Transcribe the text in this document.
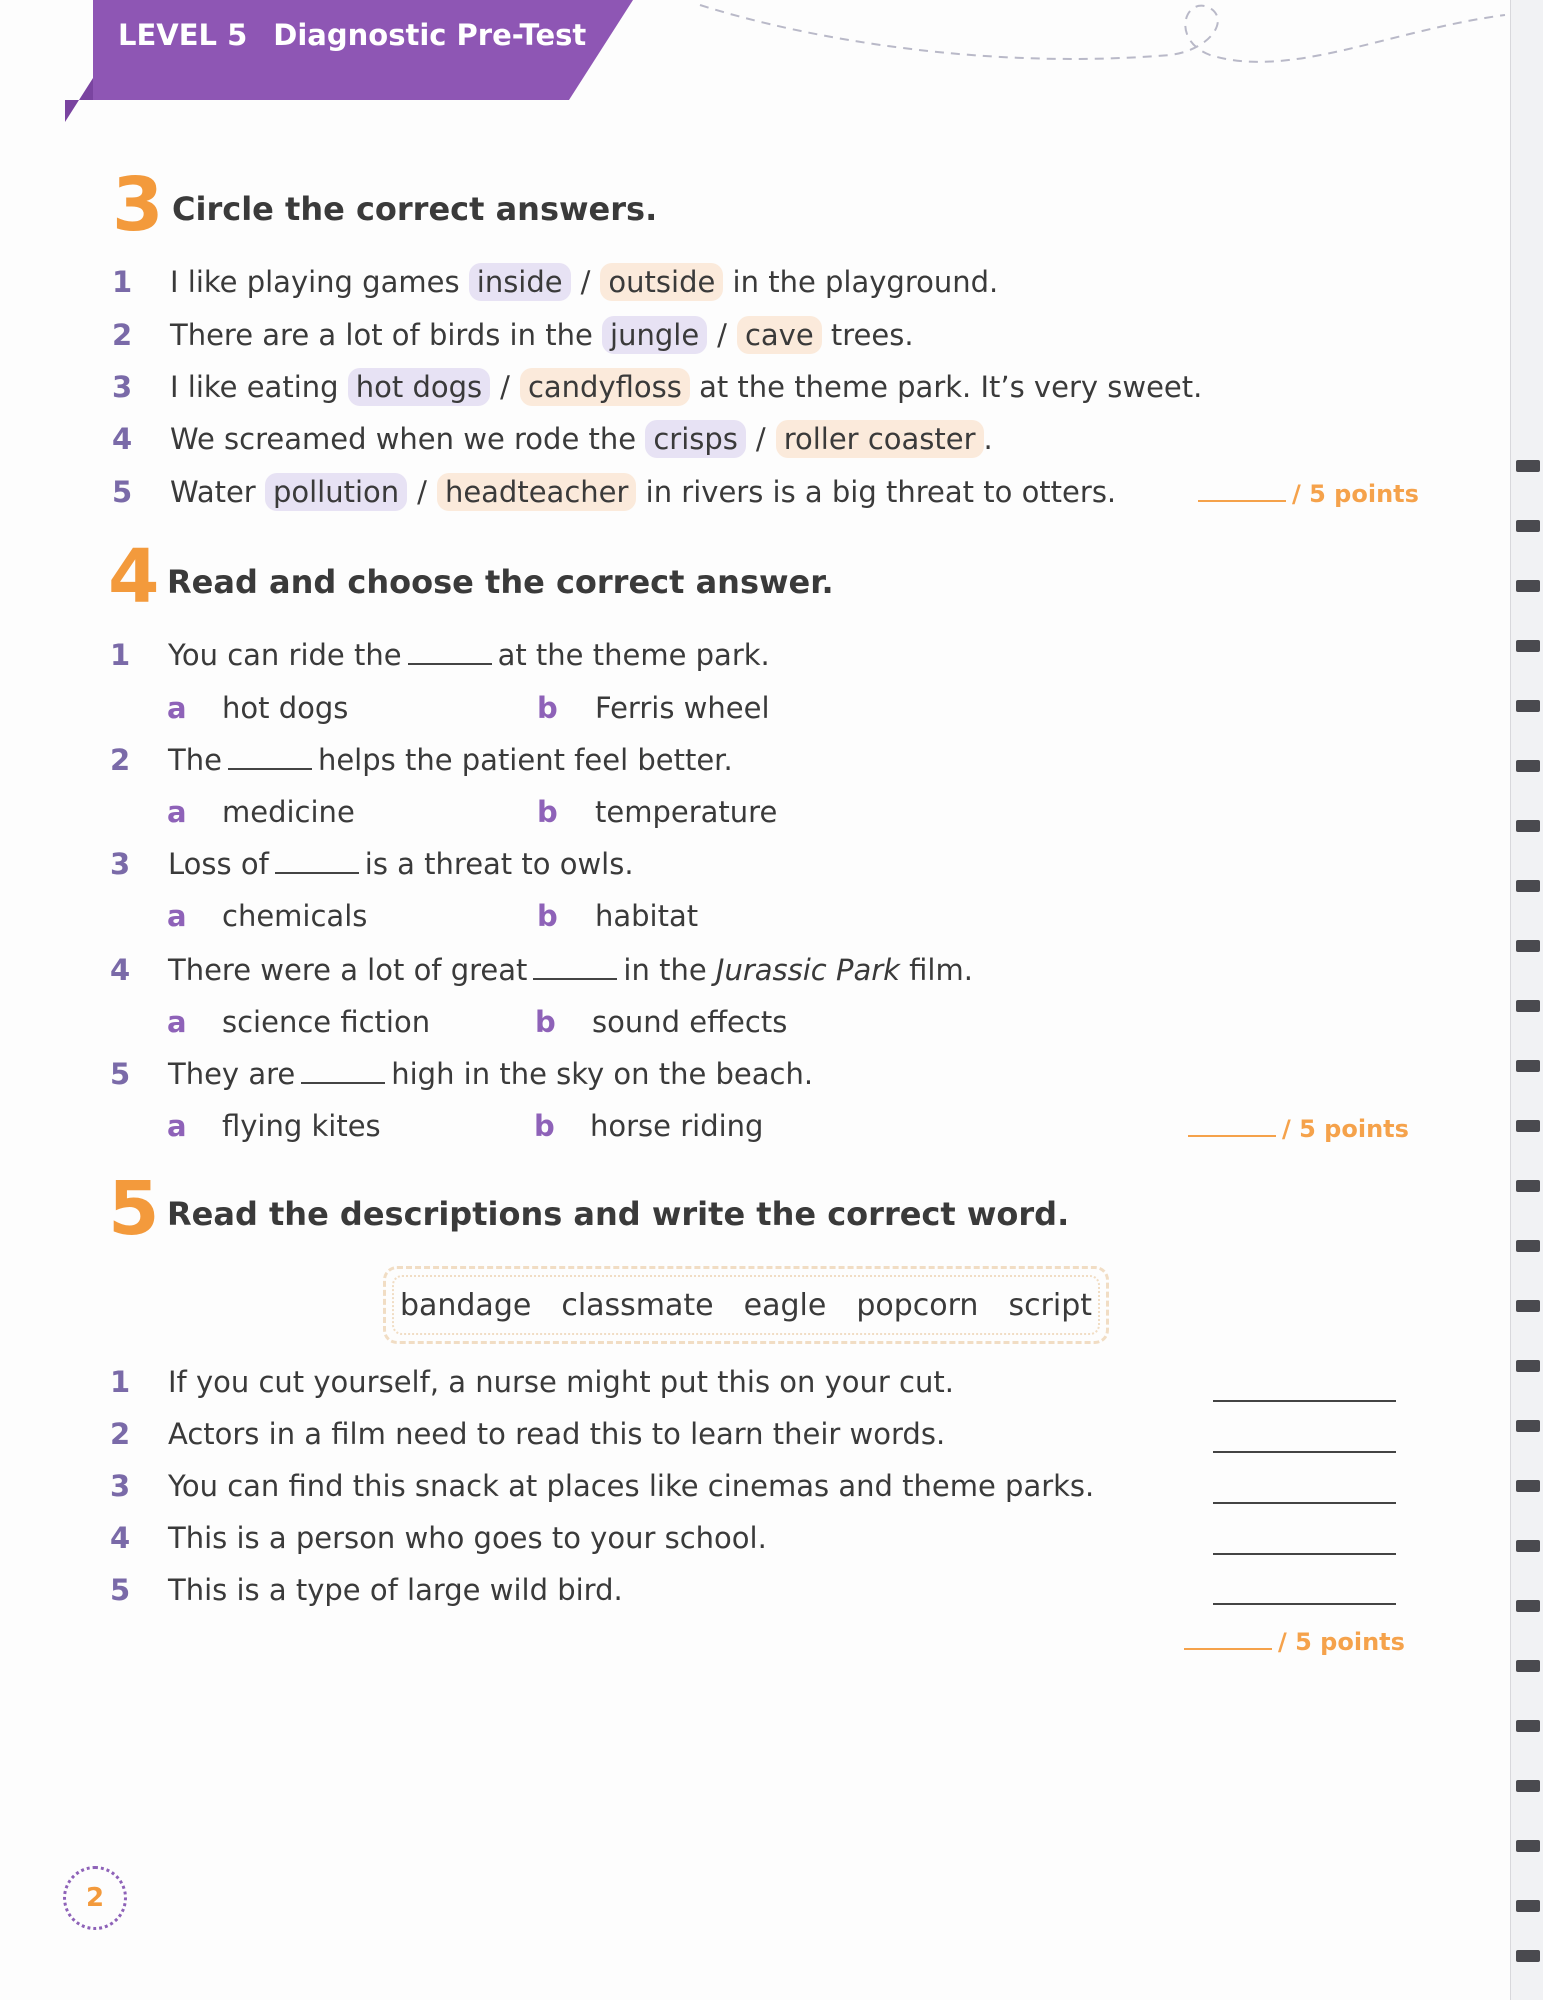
LEVEL 5 Diagnostic Pre-Test
3 Circle the correct answers.
1 I like playing games inside / outside in the playground.
2 There are a lot of birds in the jungle / cave trees.
3 I like eating hot dogs / candyfloss at the theme park. It’s very sweet.
4 We screamed when we rode the crisps / roller coaster .
5 Water pollution / headteacher in rivers is a big threat to otters.	/ 5 points
4 Read and choose the correct answer.
1 You can ride the	at the theme park.
a hot dogs	b Ferris wheel
2 The	helps the patient feel better.
a medicine	b temperature
3 Loss of	is a threat to owls.
a chemicals	b habitat
4 There were a lot of great	in the Jurassic Park film.
a science fiction	b sound effects
5 They are	high in the sky on the beach.
a flying kites	b horse riding	/ 5 points
5 Read the descriptions and write the correct word.
bandage classmate eagle popcorn script
1 If you cut yourself, a nurse might put this on your cut.
2 Actors in a film need to read this to learn their words.
3 You can find this snack at places like cinemas and theme parks.
4 This is a person who goes to your school.
5 This is a type of large wild bird.
/ 5 points
2
